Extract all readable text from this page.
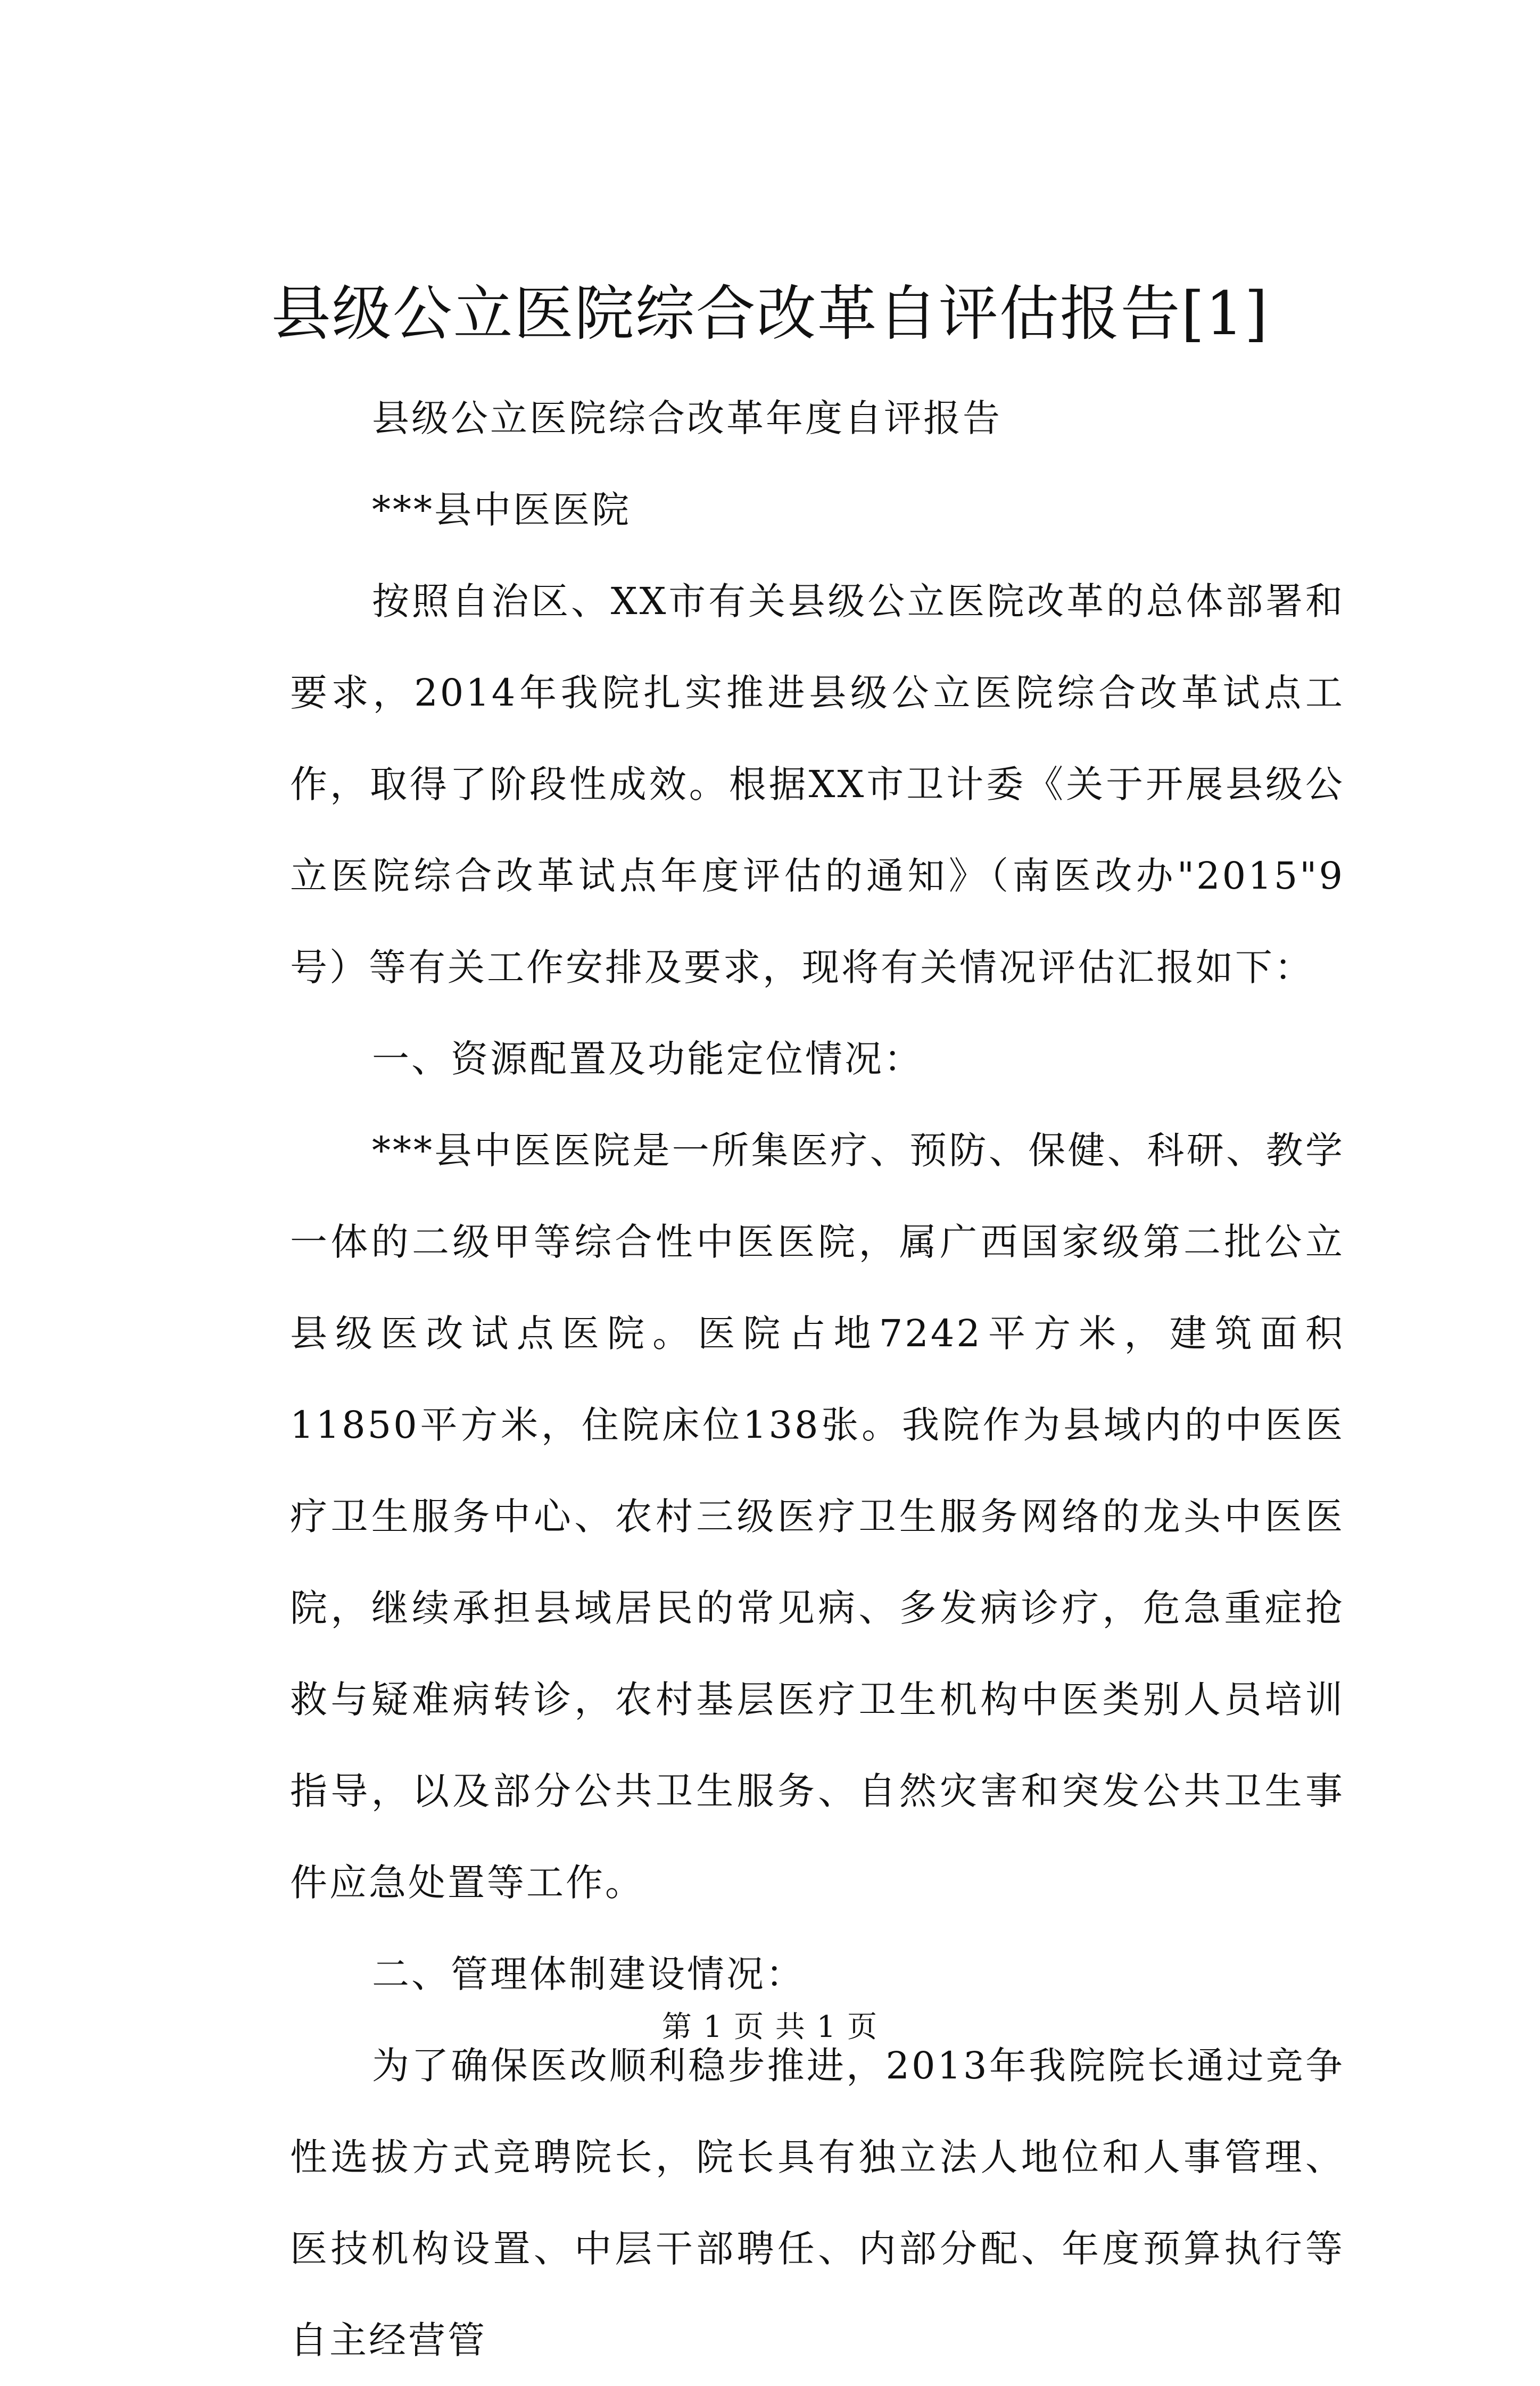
县级公立医院综合改革自评估报告[1]

县级公立医院综合改革年度自评报告

***县中医医院

按照自治区、XX市有关县级公立医院改革的总体部署和要求，2014年我院扎实推进县级公立医院综合改革试点工作，取得了阶段性成效。根据XX市卫计委《关于开展县级公立医院综合改革试点年度评估的通知》（南医改办"2015"9号）等有关工作安排及要求，现将有关情况评估汇报如下：

一、资源配置及功能定位情况：

***县中医医院是一所集医疗、预防、保健、科研、教学一体的二级甲等综合性中医医院，属广西国家级第二批公立县级医改试点医院。医院占地7242平方米，建筑面积11850平方米，住院床位138张。我院作为县域内的中医医疗卫生服务中心、农村三级医疗卫生服务网络的龙头中医医院，继续承担县域居民的常见病、多发病诊疗，危急重症抢救与疑难病转诊，农村基层医疗卫生机构中医类别人员培训指导，以及部分公共卫生服务、自然灾害和突发公共卫生事件应急处置等工作。

二、管理体制建设情况：

为了确保医改顺利稳步推进，2013年我院院长通过竞争性选拔方式竞聘院长，院长具有独立法人地位和人事管理、医技机构设置、中层干部聘任、内部分配、年度预算执行等自主经营管

第 1 页 共 1 页
